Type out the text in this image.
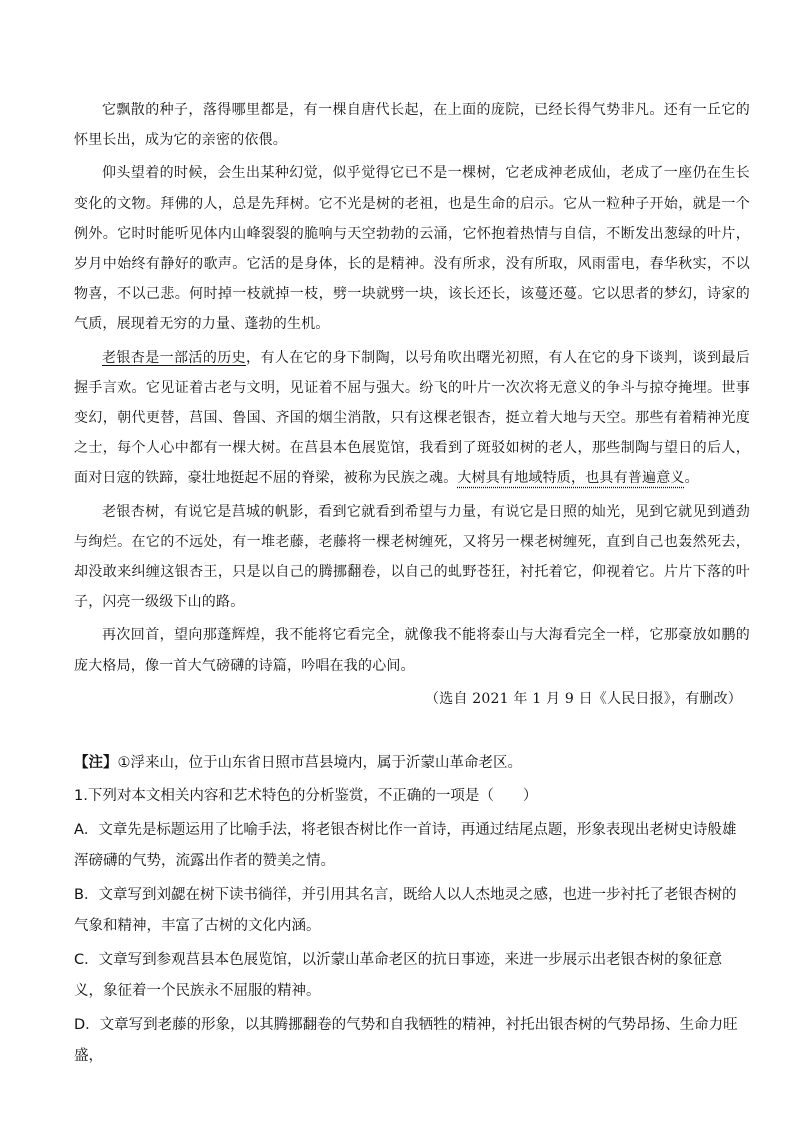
它飘散的种子，落得哪里都是，有一棵自唐代长起，在上面的庞院，已经长得气势非凡。还有一丘它的怀里长出，成为它的亲密的依偎。

仰头望着的时候，会生出某种幻觉，似乎觉得它已不是一棵树，它老成神老成仙，老成了一座仍在生长变化的文物。拜佛的人，总是先拜树。它不光是树的老祖，也是生命的启示。它从一粒种子开始，就是一个例外。它时时能听见体内山峰裂裂的脆响与天空勃勃的云涌，它怀抱着热情与自信，不断发出葱绿的叶片，岁月中始终有静好的歌声。它活的是身体，长的是精神。没有所求，没有所取，风雨雷电，春华秋实，不以物喜，不以己悲。何时掉一枝就掉一枝，劈一块就劈一块，该长还长，该蔓还蔓。它以思者的梦幻，诗家的气质，展现着无穷的力量、蓬勃的生机。

老银杏是一部活的历史，有人在它的身下制陶，以号角吹出曙光初照，有人在它的身下谈判，谈到最后握手言欢。它见证着古老与文明，见证着不屈与强大。纷飞的叶片一次次将无意义的争斗与掠夺掩埋。世事变幻，朝代更替，莒国、鲁国、齐国的烟尘消散，只有这棵老银杏，挺立着大地与天空。那些有着精神光度之士，每个人心中都有一棵大树。在莒县本色展览馆，我看到了斑驳如树的老人，那些制陶与望日的后人，面对日寇的铁蹄，豪壮地挺起不屈的脊梁，被称为民族之魂。大树具有地域特质，也具有普遍意义。

老银杏树，有说它是莒城的帆影，看到它就看到希望与力量，有说它是日照的灿光，见到它就见到遒劲与绚烂。在它的不远处，有一堆老藤，老藤将一棵老树缠死，又将另一棵老树缠死，直到自己也轰然死去，却没敢来纠缠这银杏王，只是以自己的腾挪翻卷，以自己的虬野苍狂，衬托着它，仰视着它。片片下落的叶子，闪亮一级级下山的路。

再次回首，望向那蓬辉煌，我不能将它看完全，就像我不能将泰山与大海看完全一样，它那豪放如鹏的庞大格局，像一首大气磅礴的诗篇，吟唱在我的心间。

（选自 2021 年 1 月 9 日《人民日报》，有删改）

【注】①浮来山，位于山东省日照市莒县境内，属于沂蒙山革命老区。

1.下列对本文相关内容和艺术特色的分析鉴赏，不正确的一项是（　　）

A．文章先是标题运用了比喻手法，将老银杏树比作一首诗，再通过结尾点题，形象表现出老树史诗般雄浑磅礴的气势，流露出作者的赞美之情。

B．文章写到刘勰在树下读书徜徉，并引用其名言，既给人以人杰地灵之感，也进一步衬托了老银杏树的气象和精神，丰富了古树的文化内涵。

C．文章写到参观莒县本色展览馆，以沂蒙山革命老区的抗日事迹，来进一步展示出老银杏树的象征意义，象征着一个民族永不屈服的精神。

D．文章写到老藤的形象，以其腾挪翻卷的气势和自我牺牲的精神，衬托出银杏树的气势昂扬、生命力旺盛，
